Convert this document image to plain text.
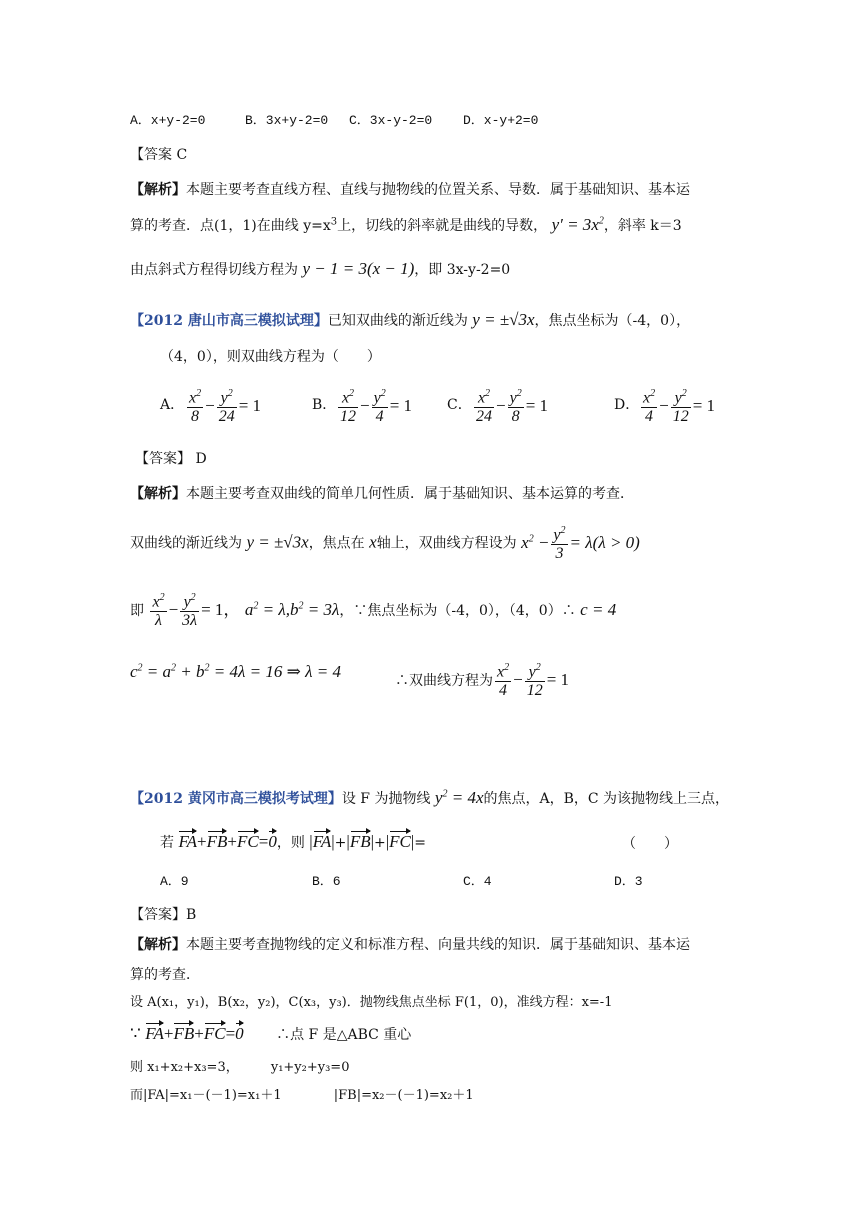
A．x+y-2=0	B．3x+y-2=0 C．3x-y-2=0 D．x-y+2=0
【答案 C
【解析】本题主要考查直线方程、直线与抛物线的位置关系、导数．属于基础知识、基本运
算的考查．点(1，1)在曲线 $y=x^3$上，切线的斜率就是曲线的导数， $y' = 3x^2$，斜率 k＝3
由点斜式方程得切线方程为 y − 1 = 3(x − 1)，即 3x-y-2=0
【2012 唐山市高三模拟试理】已知双曲线的渐近线为 y = ±√3x，焦点坐标为（-4，0），
（4，0），则双曲线方程为（　　）
A． $\frac{x^2}{8} - \frac{y^2}{24} = 1$	B． $\frac{x^2}{12} - \frac{y^2}{4} = 1$ C． $\frac{x^2}{24} - \frac{y^2}{8} = 1$	D． $\frac{x^2}{4} - \frac{y^2}{12} = 1$
【答案】 D
【解析】本题主要考查双曲线的简单几何性质．属于基础知识、基本运算的考查．
双曲线的渐近线为 y = ±√3x，焦点在 x轴上，双曲线方程设为 $x^2 - \frac{y^2}{3} = \lambda(\lambda > 0)$
即 $\frac{x^2}{\lambda} - \frac{y^2}{3\lambda} = 1$， $a^2 = \lambda,b^2 = 3\lambda$，∵焦点坐标为（-4，0），（4，0）∴ c = 4
$c^2 = a^2 + b^2 = 4\lambda = 16$ ⇒ λ = 4	∴双曲线方程为 $\frac{x^2}{4} - \frac{y^2}{12} = 1$
【2012 黄冈市高三模拟考试理】设 F 为抛物线 $y^2 = 4x$的焦点，A，B，C 为该抛物线上三点，
若 FA+FB+FC=0，则 |FA|+|FB|+|FC|=	（　　）
A．9	B．6	C．4	D．3
【答案】B
【解析】本题主要考查抛物线的定义和标准方程、向量共线的知识．属于基础知识、基本运
算的考查．
设 A(x₁，y₁)，B(x₂，y₂)，C(x₃，y₃)．抛物线焦点坐标 F(1，0)，准线方程：x=-1
∵ FA+FB+FC=0 ∴点 F 是△ABC 重心
则 x₁+x₂+x₃=3， y₁+y₂+y₃=0
而|FA|=x₁－(－1)=x₁＋1	|FB|=x₂－(－1)=x₂＋1
